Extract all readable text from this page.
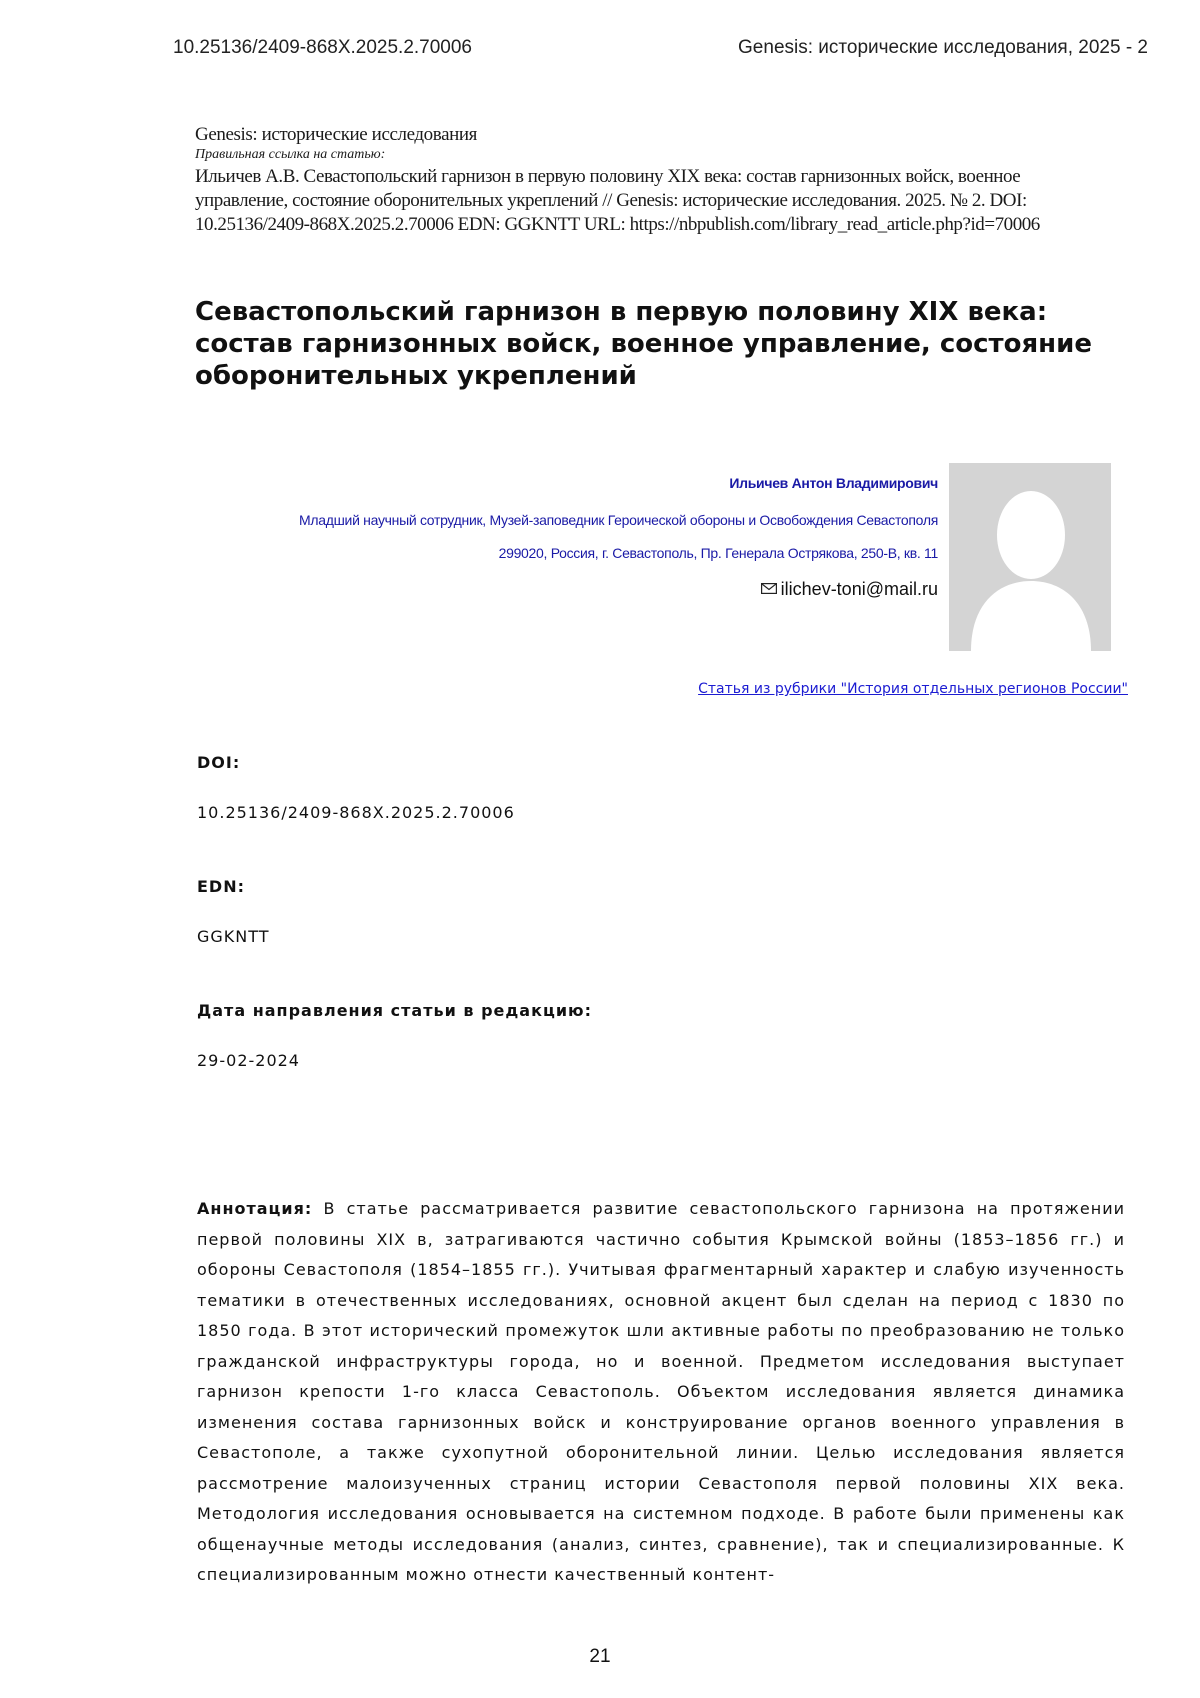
10.25136/2409-868X.2025.2.70006	Genesis: исторические исследования, 2025 - 2
Genesis: исторические исследования
Правильная ссылка на статью:
Ильичев А.В. Севастопольский гарнизон в первую половину XIX века: состав гарнизонных войск, военное управление, состояние оборонительных укреплений // Genesis: исторические исследования. 2025. № 2. DOI: 10.25136/2409-868X.2025.2.70006 EDN: GGKNTT URL: https://nbpublish.com/library_read_article.php?id=70006
Севастопольский гарнизон в первую половину XIX века: состав гарнизонных войск, военное управление, состояние оборонительных укреплений
Ильичев Антон Владимирович
Младший научный сотрудник, Музей-заповедник Героической обороны и Освобождения Севастополя
299020, Россия, г. Севастополь, Пр. Генерала Острякова, 250-В, кв. 11
ilichev-toni@mail.ru
Статья из рубрики "История отдельных регионов России"
DOI:
10.25136/2409-868X.2025.2.70006
EDN:
GGKNTT
Дата направления статьи в редакцию:
29-02-2024
Аннотация: В статье рассматривается развитие севастопольского гарнизона на протяжении первой половины XIX в, затрагиваются частично события Крымской войны (1853–1856 гг.) и обороны Севастополя (1854–1855 гг.). Учитывая фрагментарный характер и слабую изученность тематики в отечественных исследованиях, основной акцент был сделан на период с 1830 по 1850 года. В этот исторический промежуток шли активные работы по преобразованию не только гражданской инфраструктуры города, но и военной. Предметом исследования выступает гарнизон крепости 1-го класса Севастополь. Объектом исследования является динамика изменения состава гарнизонных войск и конструирование органов военного управления в Севастополе, а также сухопутной оборонительной линии. Целью исследования является рассмотрение малоизученных страниц истории Севастополя первой половины XIX века. Методология исследования основывается на системном подходе. В работе были применены как общенаучные методы исследования (анализ, синтез, сравнение), так и специализированные. К специализированным можно отнести качественный контент-
21
